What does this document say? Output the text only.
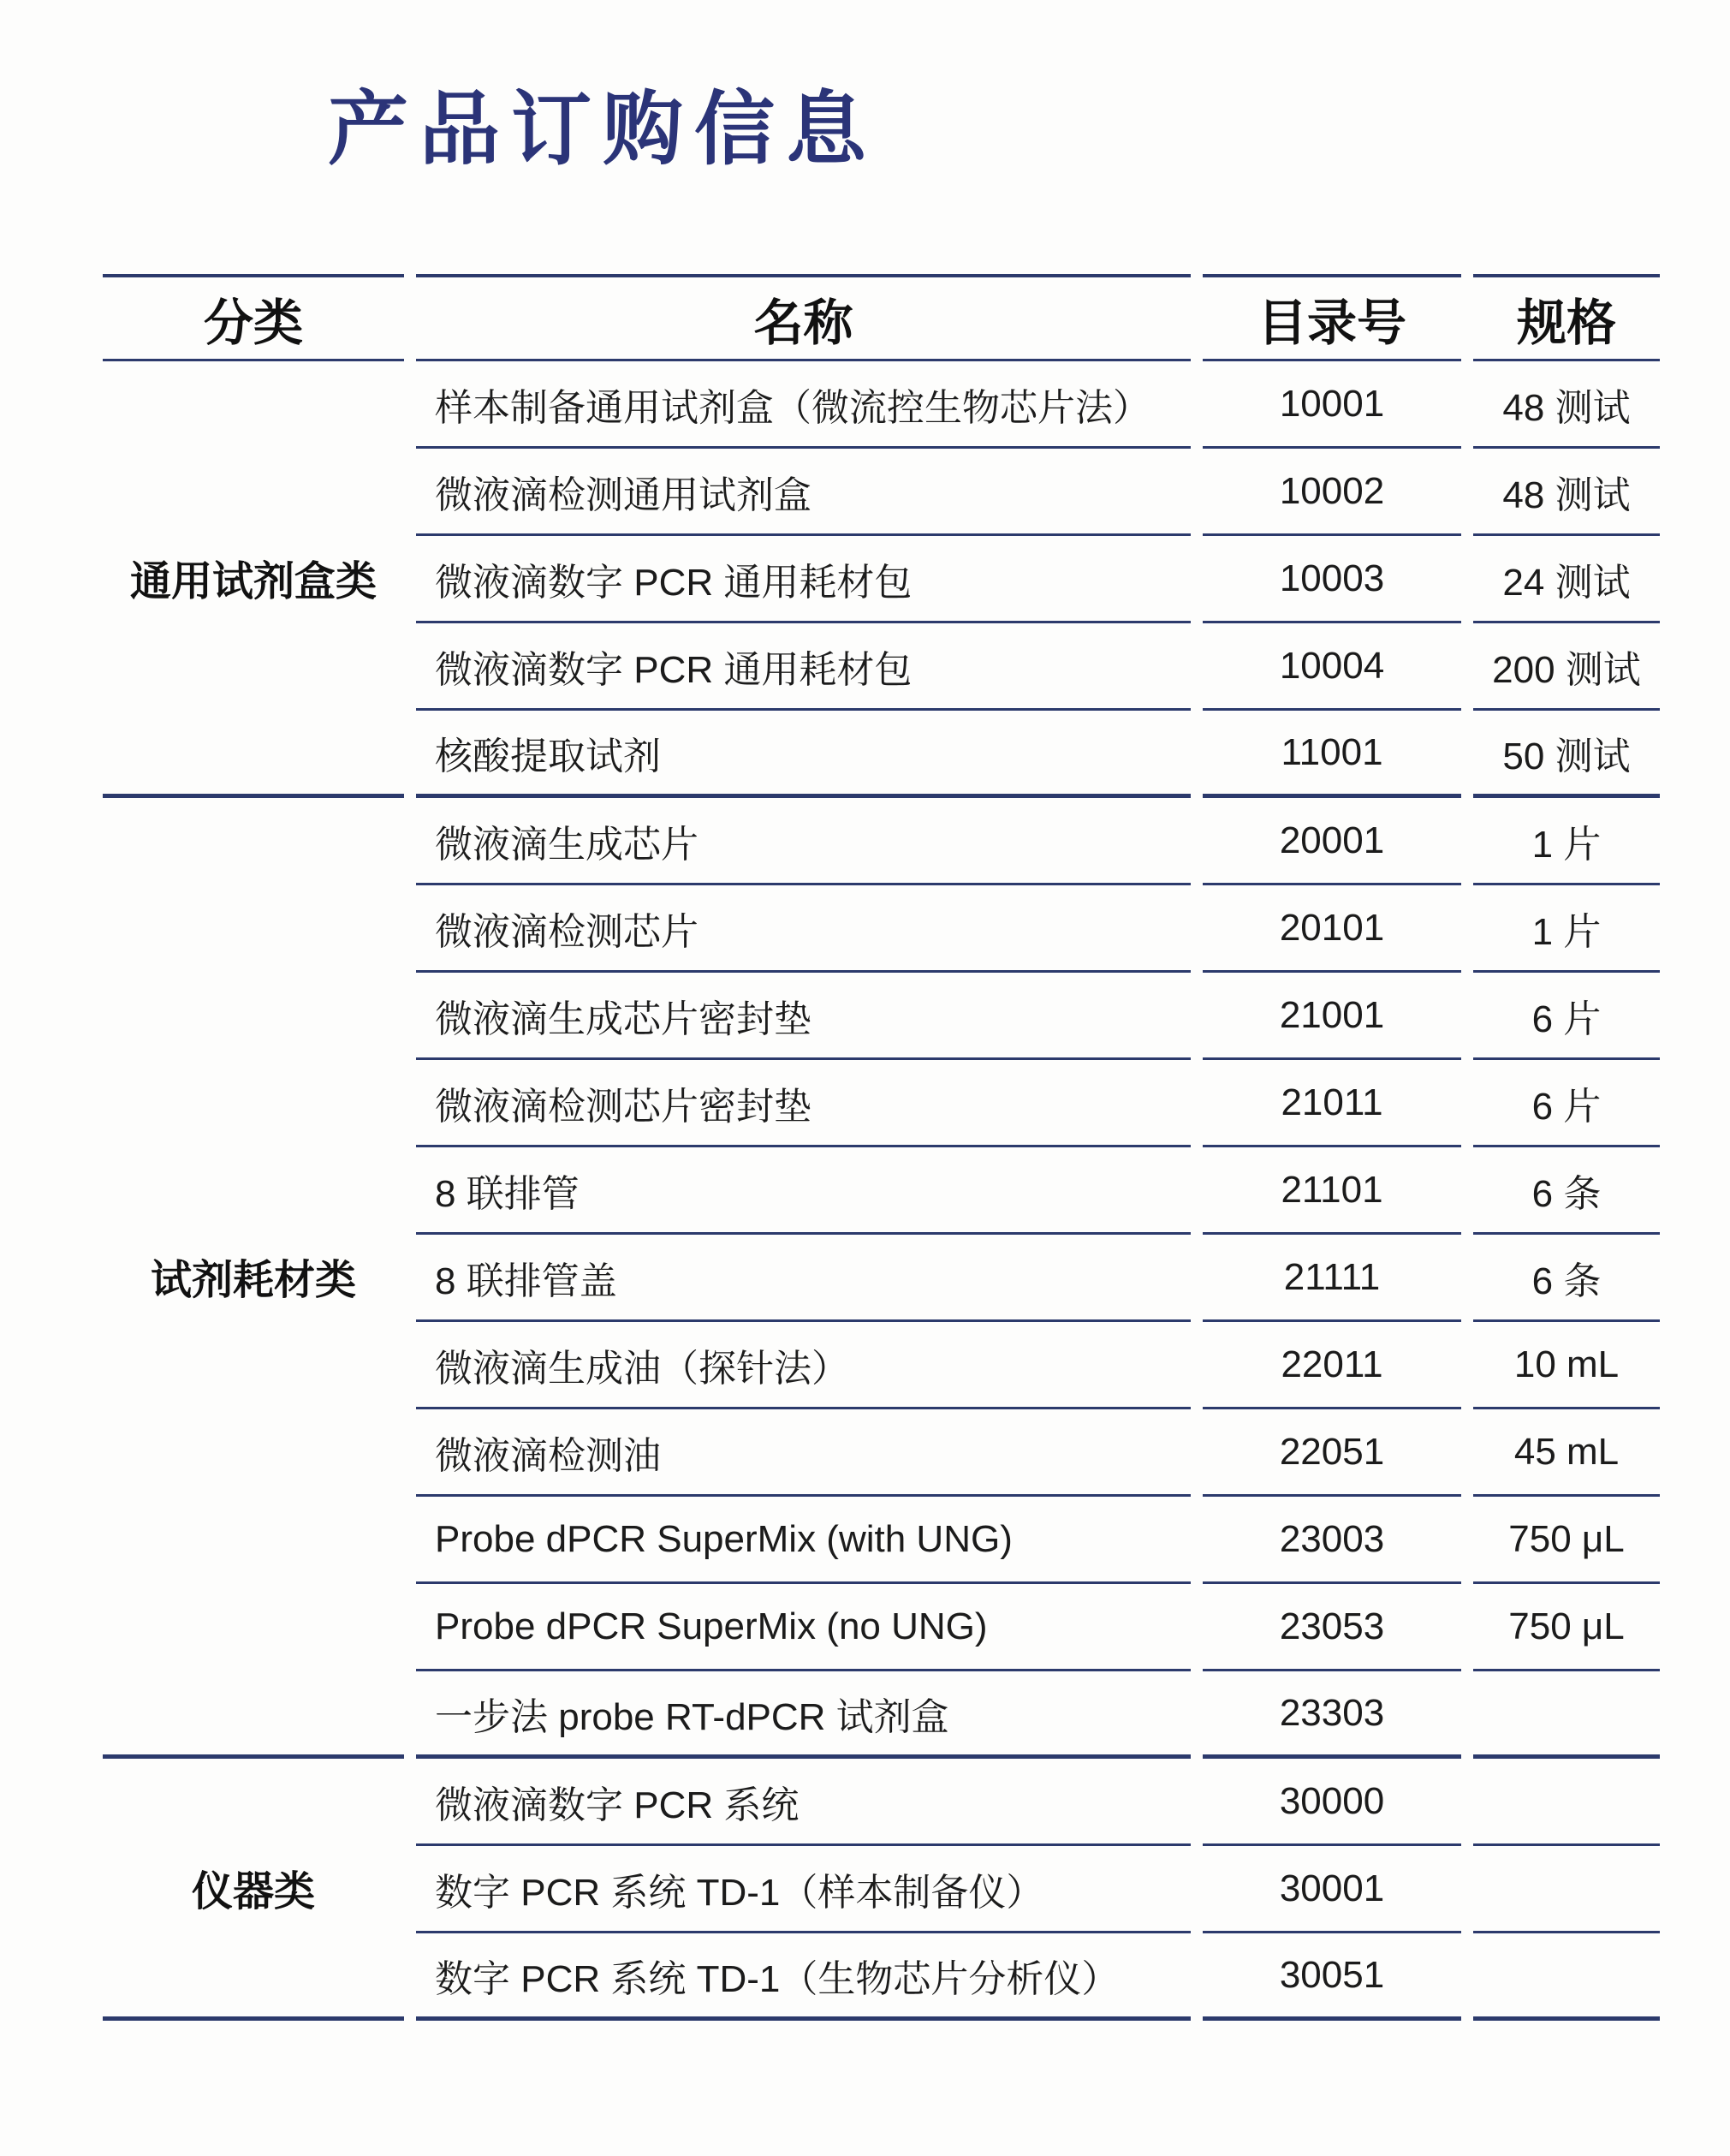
产品订购信息
分类	名称	目录号	规格
通用试剂盒类	样本制备通用试剂盒（微流控生物芯片法）	10001	48 测试
	微液滴检测通用试剂盒	10002	48 测试
	微液滴数字 PCR 通用耗材包	10003	24 测试
	微液滴数字 PCR 通用耗材包	10004	200 测试
	核酸提取试剂	11001	50 测试
试剂耗材类	微液滴生成芯片	20001	1 片
	微液滴检测芯片	20101	1 片
	微液滴生成芯片密封垫	21001	6 片
	微液滴检测芯片密封垫	21011	6 片
	8 联排管	21101	6 条
	8 联排管盖	21111	6 条
	微液滴生成油（探针法）	22011	10 mL
	微液滴检测油	22051	45 mL
	Probe dPCR SuperMix (with UNG)	23003	750 μL
	Probe dPCR SuperMix (no UNG)	23053	750 μL
	一步法 probe RT-dPCR 试剂盒	23303	
仪器类	微液滴数字 PCR 系统	30000	
	数字 PCR 系统 TD-1（样本制备仪）	30001	
	数字 PCR 系统 TD-1（生物芯片分析仪）	30051	
